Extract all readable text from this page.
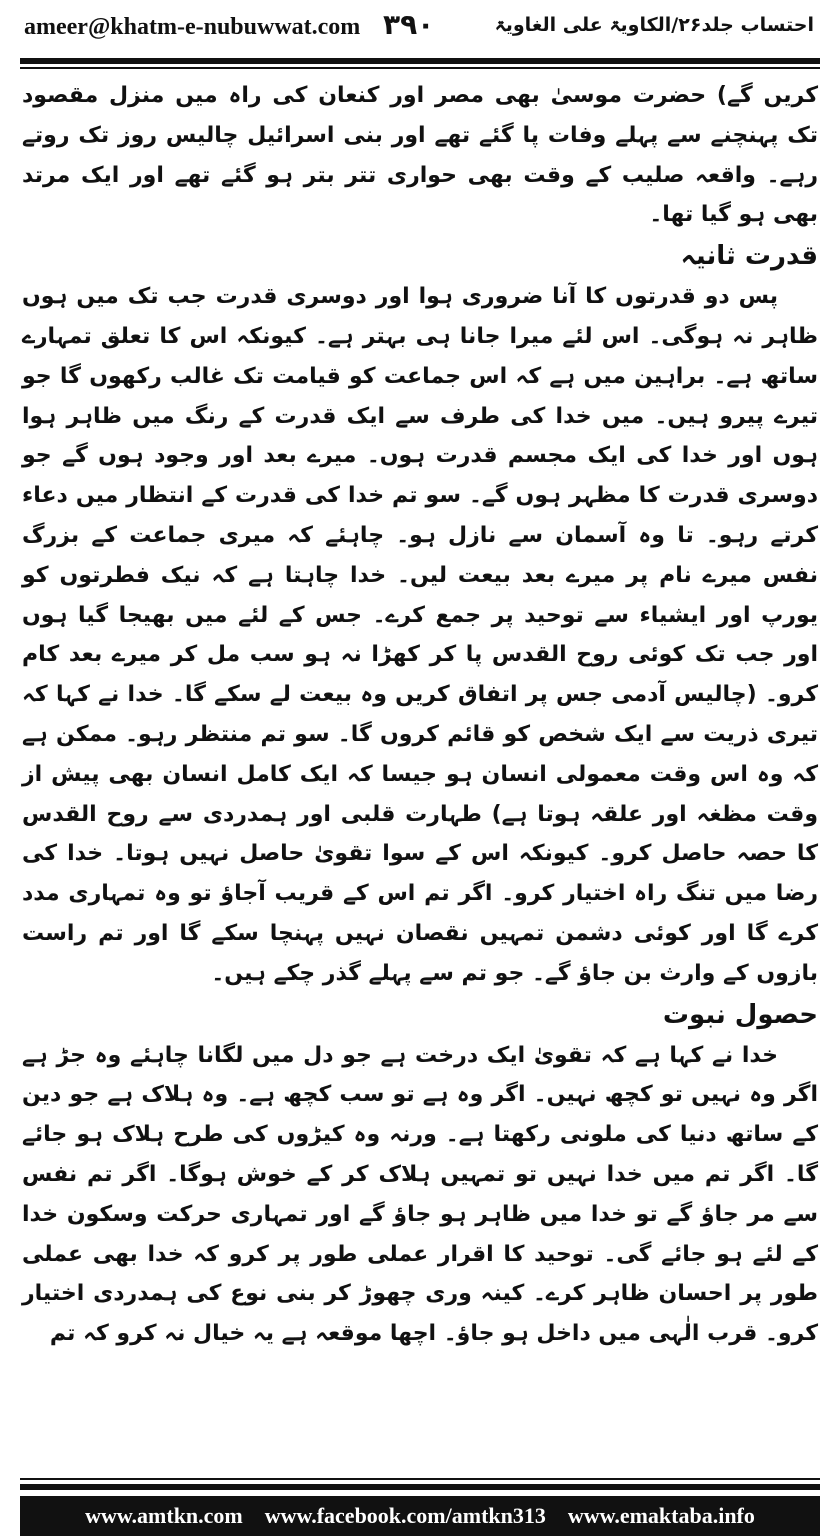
ameer@khatm-e-nubuwwat.com ۳۹۰	احتساب جلد۲۶/الکاویۃ علی الغاویۃ

کریں گے) حضرت موسیٰ بھی مصر اور کنعان کی راہ میں منزل مقصود تک پہنچنے سے پہلے وفات پا گئے تھے اور بنی اسرائیل چالیس روز تک روتے رہے۔ واقعہ صلیب کے وقت بھی حواری تتر بتر ہو گئے تھے اور ایک مرتد بھی ہو گیا تھا۔

قدرت ثانیہ

پس دو قدرتوں کا آنا ضروری ہوا اور دوسری قدرت جب تک میں ہوں ظاہر نہ ہوگی۔ اس لئے میرا جانا ہی بہتر ہے۔ کیونکہ اس کا تعلق تمہارے ساتھ ہے۔ براہین میں ہے کہ اس جماعت کو قیامت تک غالب رکھوں گا جو تیرے پیرو ہیں۔ میں خدا کی طرف سے ایک قدرت کے رنگ میں ظاہر ہوا ہوں اور خدا کی ایک مجسم قدرت ہوں۔ میرے بعد اور وجود ہوں گے جو دوسری قدرت کا مظہر ہوں گے۔ سو تم خدا کی قدرت کے انتظار میں دعاء کرتے رہو۔ تا وہ آسمان سے نازل ہو۔ چاہئے کہ میری جماعت کے بزرگ نفس میرے نام پر میرے بعد بیعت لیں۔ خدا چاہتا ہے کہ نیک فطرتوں کو یورپ اور ایشیاء سے توحید پر جمع کرے۔ جس کے لئے میں بھیجا گیا ہوں اور جب تک کوئی روح القدس پا کر کھڑا نہ ہو سب مل کر میرے بعد کام کرو۔ (چالیس آدمی جس پر اتفاق کریں وہ بیعت لے سکے گا۔ خدا نے کہا کہ تیری ذریت سے ایک شخص کو قائم کروں گا۔ سو تم منتظر رہو۔ ممکن ہے کہ وہ اس وقت معمولی انسان ہو جیسا کہ ایک کامل انسان بھی پیش از وقت مظغہ اور علقہ ہوتا ہے) طہارت قلبی اور ہمدردی سے روح القدس کا حصہ حاصل کرو۔ کیونکہ اس کے سوا تقویٰ حاصل نہیں ہوتا۔ خدا کی رضا میں تنگ راہ اختیار کرو۔ اگر تم اس کے قریب آجاؤ تو وہ تمہاری مدد کرے گا اور کوئی دشمن تمہیں نقصان نہیں پہنچا سکے گا اور تم راست بازوں کے وارث بن جاؤ گے۔ جو تم سے پہلے گذر چکے ہیں۔

حصول نبوت

خدا نے کہا ہے کہ تقویٰ ایک درخت ہے جو دل میں لگانا چاہئے وہ جڑ ہے اگر وہ نہیں تو کچھ نہیں۔ اگر وہ ہے تو سب کچھ ہے۔ وہ ہلاک ہے جو دین کے ساتھ دنیا کی ملونی رکھتا ہے۔ ورنہ وہ کیڑوں کی طرح ہلاک ہو جائے گا۔ اگر تم میں خدا نہیں تو تمہیں ہلاک کر کے خوش ہوگا۔ اگر تم نفس سے مر جاؤ گے تو خدا میں ظاہر ہو جاؤ گے اور تمہاری حرکت وسکون خدا کے لئے ہو جائے گی۔ توحید کا اقرار عملی طور پر کرو کہ خدا بھی عملی طور پر احسان ظاہر کرے۔ کینہ وری چھوڑ کر بنی نوع کی ہمدردی اختیار کرو۔ قرب الٰہی میں داخل ہو جاؤ۔ اچھا موقعہ ہے یہ خیال نہ کرو کہ تم

www.amtkn.com www.facebook.com/amtkn313 www.emaktaba.info
